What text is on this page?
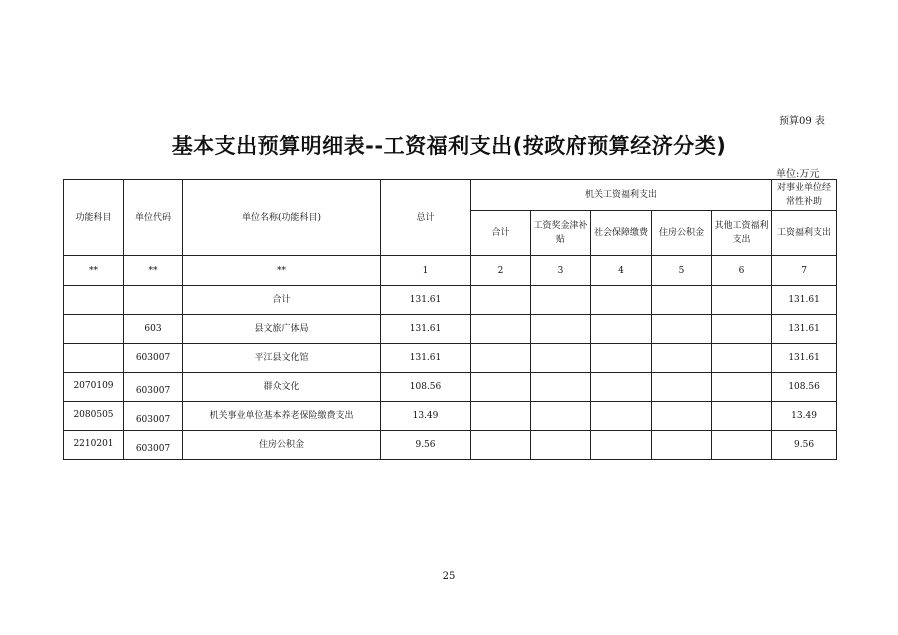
预算09 表
基本支出预算明细表--工资福利支出(按政府预算经济分类)
单位:万元
功能科目	单位代码	单位名称(功能科目)	总计	机关工资福利支出					对事业单位经常性补助
				合计	工资奖金津补贴	社会保障缴费	住房公积金	其他工资福利支出	工资福利支出
**	**	**	1	2	3	4	5	6	7
		合计	131.61						131.61
	603	县文旅广体局	131.61						131.61
	603007	平江县文化馆	131.61						131.61
2070109	603007	群众文化	108.56						108.56
2080505	603007	机关事业单位基本养老保险缴费支出	13.49						13.49
2210201	603007	住房公积金	9.56						9.56
25
